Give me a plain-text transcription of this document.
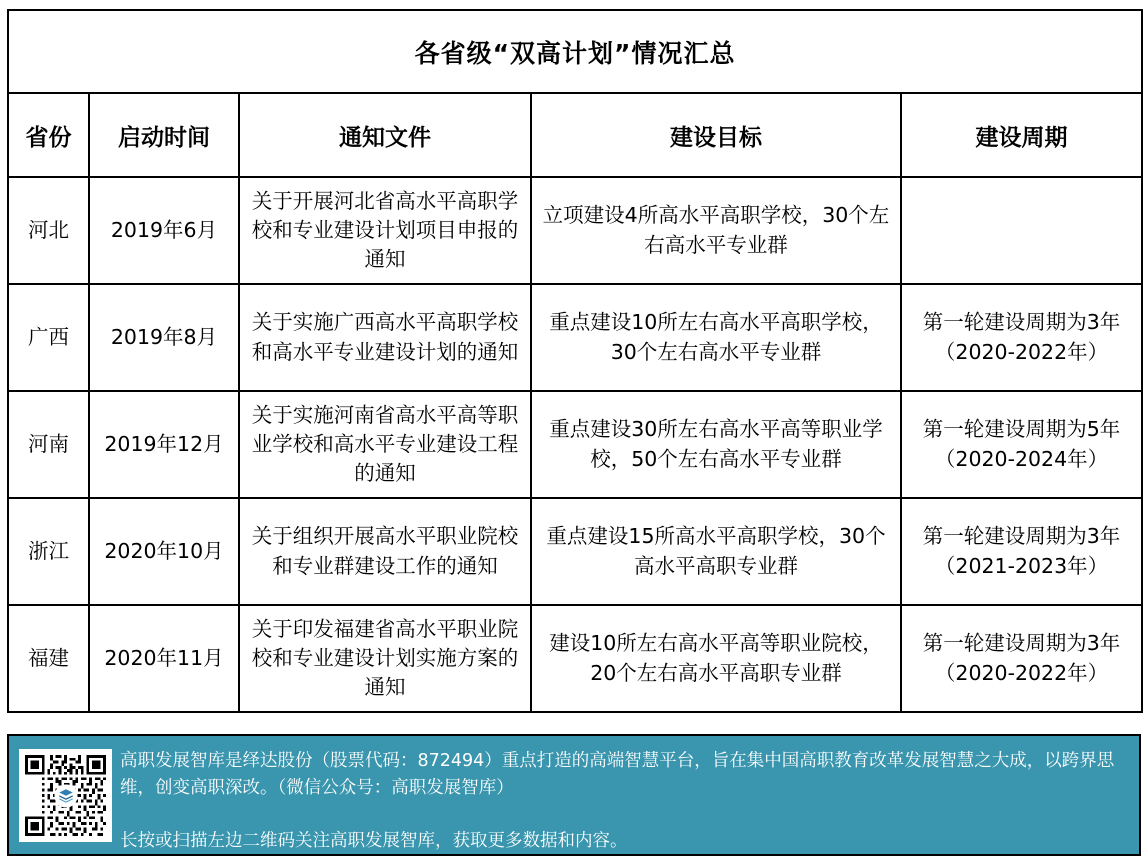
各省级“双高计划”情况汇总				
省份	启动时间	通知文件	建设目标	建设周期
河北	2019年6月	关于开展河北省高水平高职学校和专业建设计划项目申报的通知	立项建设4所高水平高职学校，30个左右高水平专业群	
广西	2019年8月	关于实施广西高水平高职学校和高水平专业建设计划的通知	重点建设10所左右高水平高职学校，30个左右高水平专业群	第一轮建设周期为3年（2020-2022年）
河南	2019年12月	关于实施河南省高水平高等职业学校和高水平专业建设工程的通知	重点建设30所左右高水平高等职业学校，50个左右高水平专业群	第一轮建设周期为5年（2020-2024年）
浙江	2020年10月	关于组织开展高水平职业院校和专业群建设工作的通知	重点建设15所高水平高职学校，30个高水平高职专业群	第一轮建设周期为3年（2021-2023年）
福建	2020年11月	关于印发福建省高水平职业院校和专业建设计划实施方案的通知	建设10所左右高水平高等职业院校，20个左右高水平高职专业群	第一轮建设周期为3年（2020-2022年）

高职发展智库是绎达股份（股票代码：872494）重点打造的高端智慧平台，旨在集中国高职教育改革发展智慧之大成，以跨界思维，创变高职深改。（微信公众号：高职发展智库）

长按或扫描左边二维码关注高职发展智库，获取更多数据和内容。
